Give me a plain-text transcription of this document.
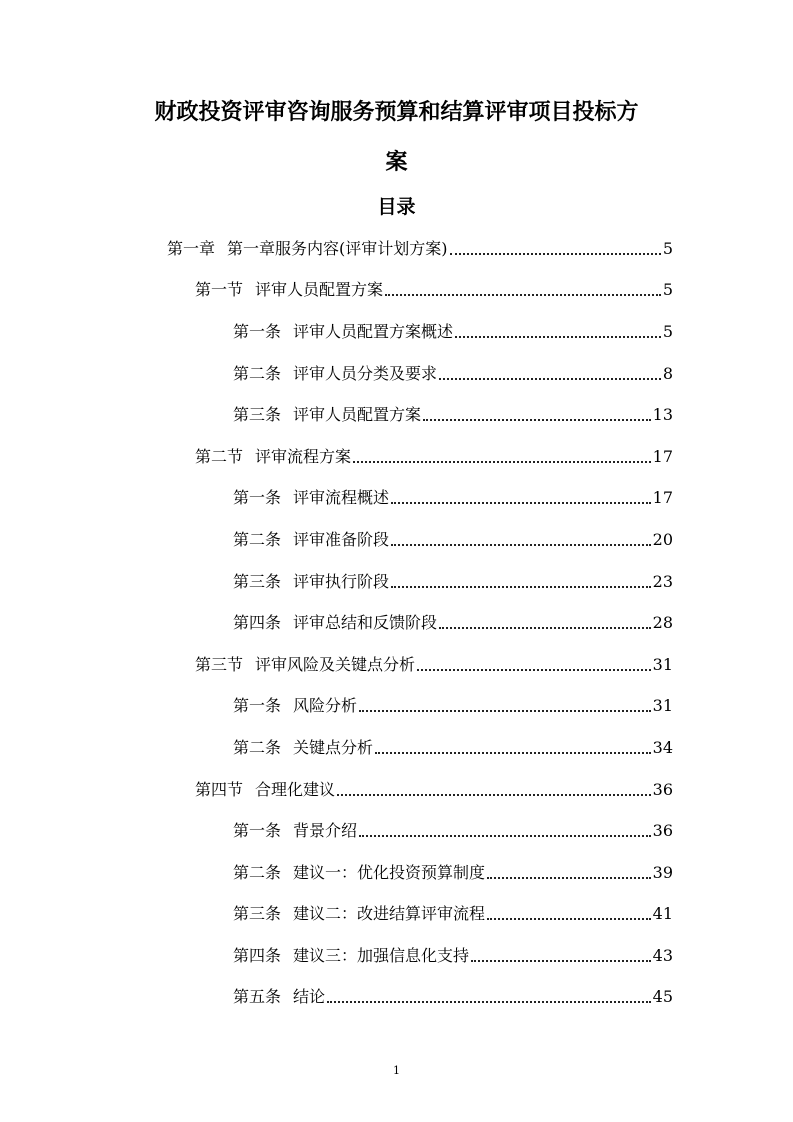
财政投资评审咨询服务预算和结算评审项目投标方
案
目录
第一章 第一章服务内容(评审计划方案)	5
第一节 评审人员配置方案	5
第一条 评审人员配置方案概述	5
第二条 评审人员分类及要求	8
第三条 评审人员配置方案	13
第二节 评审流程方案	17
第一条 评审流程概述	17
第二条 评审准备阶段	20
第三条 评审执行阶段	23
第四条 评审总结和反馈阶段	28
第三节 评审风险及关键点分析	31
第一条 风险分析	31
第二条 关键点分析	34
第四节 合理化建议	36
第一条 背景介绍	36
第二条 建议一：优化投资预算制度	39
第三条 建议二：改进结算评审流程	41
第四条 建议三：加强信息化支持	43
第五条 结论	45

1
